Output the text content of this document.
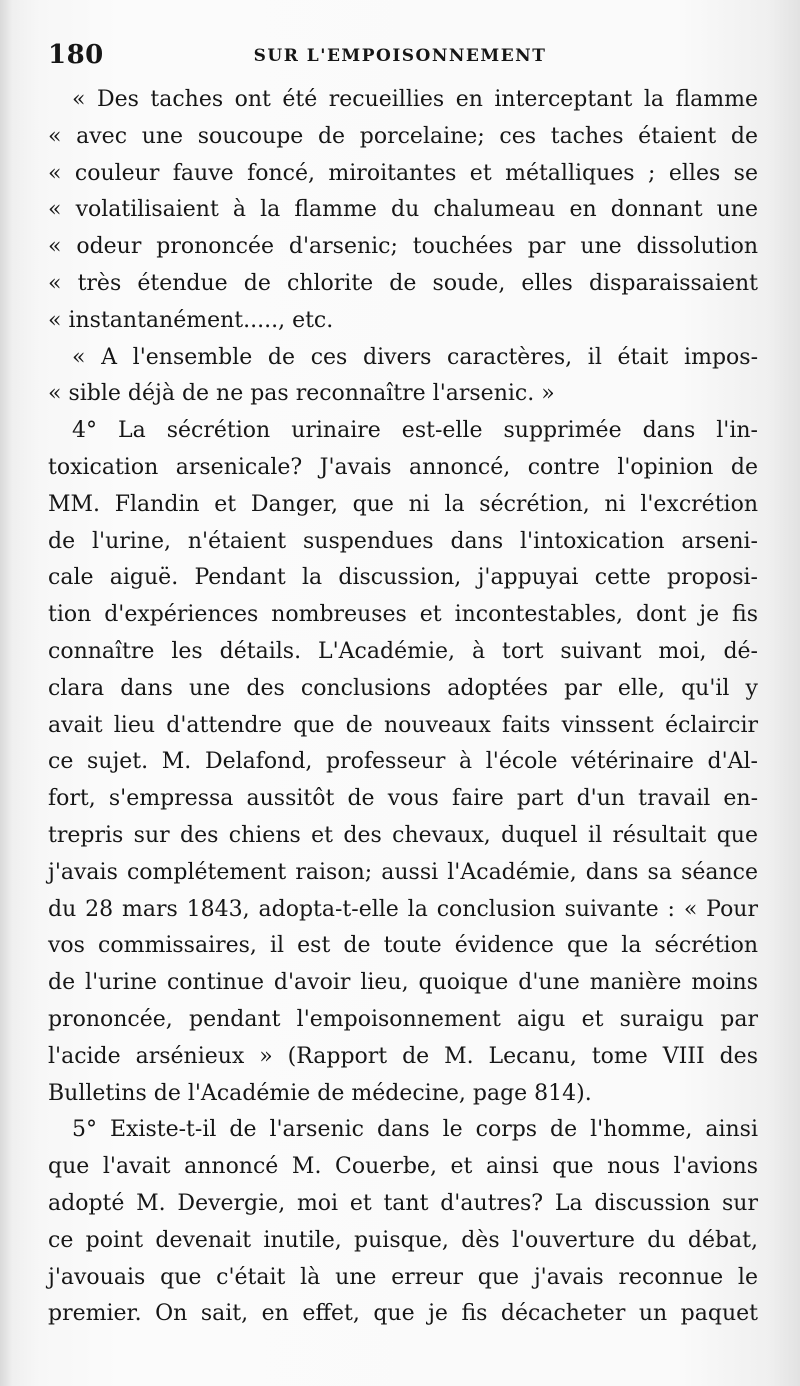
180	SUR L'EMPOISONNEMENT
« Des taches ont été recueillies en interceptant la flamme
« avec une soucoupe de porcelaine; ces taches étaient de
« couleur fauve foncé, miroitantes et métalliques ; elles se
« volatilisaient à la flamme du chalumeau en donnant une
« odeur prononcée d'arsenic; touchées par une dissolution
« très étendue de chlorite de soude, elles disparaissaient
« instantanément....., etc.
« A l'ensemble de ces divers caractères, il était impos-
« sible déjà de ne pas reconnaître l'arsenic. »
4° La sécrétion urinaire est-elle supprimée dans l'in-
toxication arsenicale? J'avais annoncé, contre l'opinion de
MM. Flandin et Danger, que ni la sécrétion, ni l'excrétion
de l'urine, n'étaient suspendues dans l'intoxication arseni-
cale aiguë. Pendant la discussion, j'appuyai cette proposi-
tion d'expériences nombreuses et incontestables, dont je fis
connaître les détails. L'Académie, à tort suivant moi, dé-
clara dans une des conclusions adoptées par elle, qu'il y
avait lieu d'attendre que de nouveaux faits vinssent éclaircir
ce sujet. M. Delafond, professeur à l'école vétérinaire d'Al-
fort, s'empressa aussitôt de vous faire part d'un travail en-
trepris sur des chiens et des chevaux, duquel il résultait que
j'avais complétement raison; aussi l'Académie, dans sa séance
du 28 mars 1843, adopta-t-elle la conclusion suivante : « Pour
vos commissaires, il est de toute évidence que la sécrétion
de l'urine continue d'avoir lieu, quoique d'une manière moins
prononcée, pendant l'empoisonnement aigu et suraigu par
l'acide arsénieux » (Rapport de M. Lecanu, tome VIII des
Bulletins de l'Académie de médecine, page 814).
5° Existe-t-il de l'arsenic dans le corps de l'homme, ainsi
que l'avait annoncé M. Couerbe, et ainsi que nous l'avions
adopté M. Devergie, moi et tant d'autres? La discussion sur
ce point devenait inutile, puisque, dès l'ouverture du débat,
j'avouais que c'était là une erreur que j'avais reconnue le
premier. On sait, en effet, que je fis décacheter un paquet
